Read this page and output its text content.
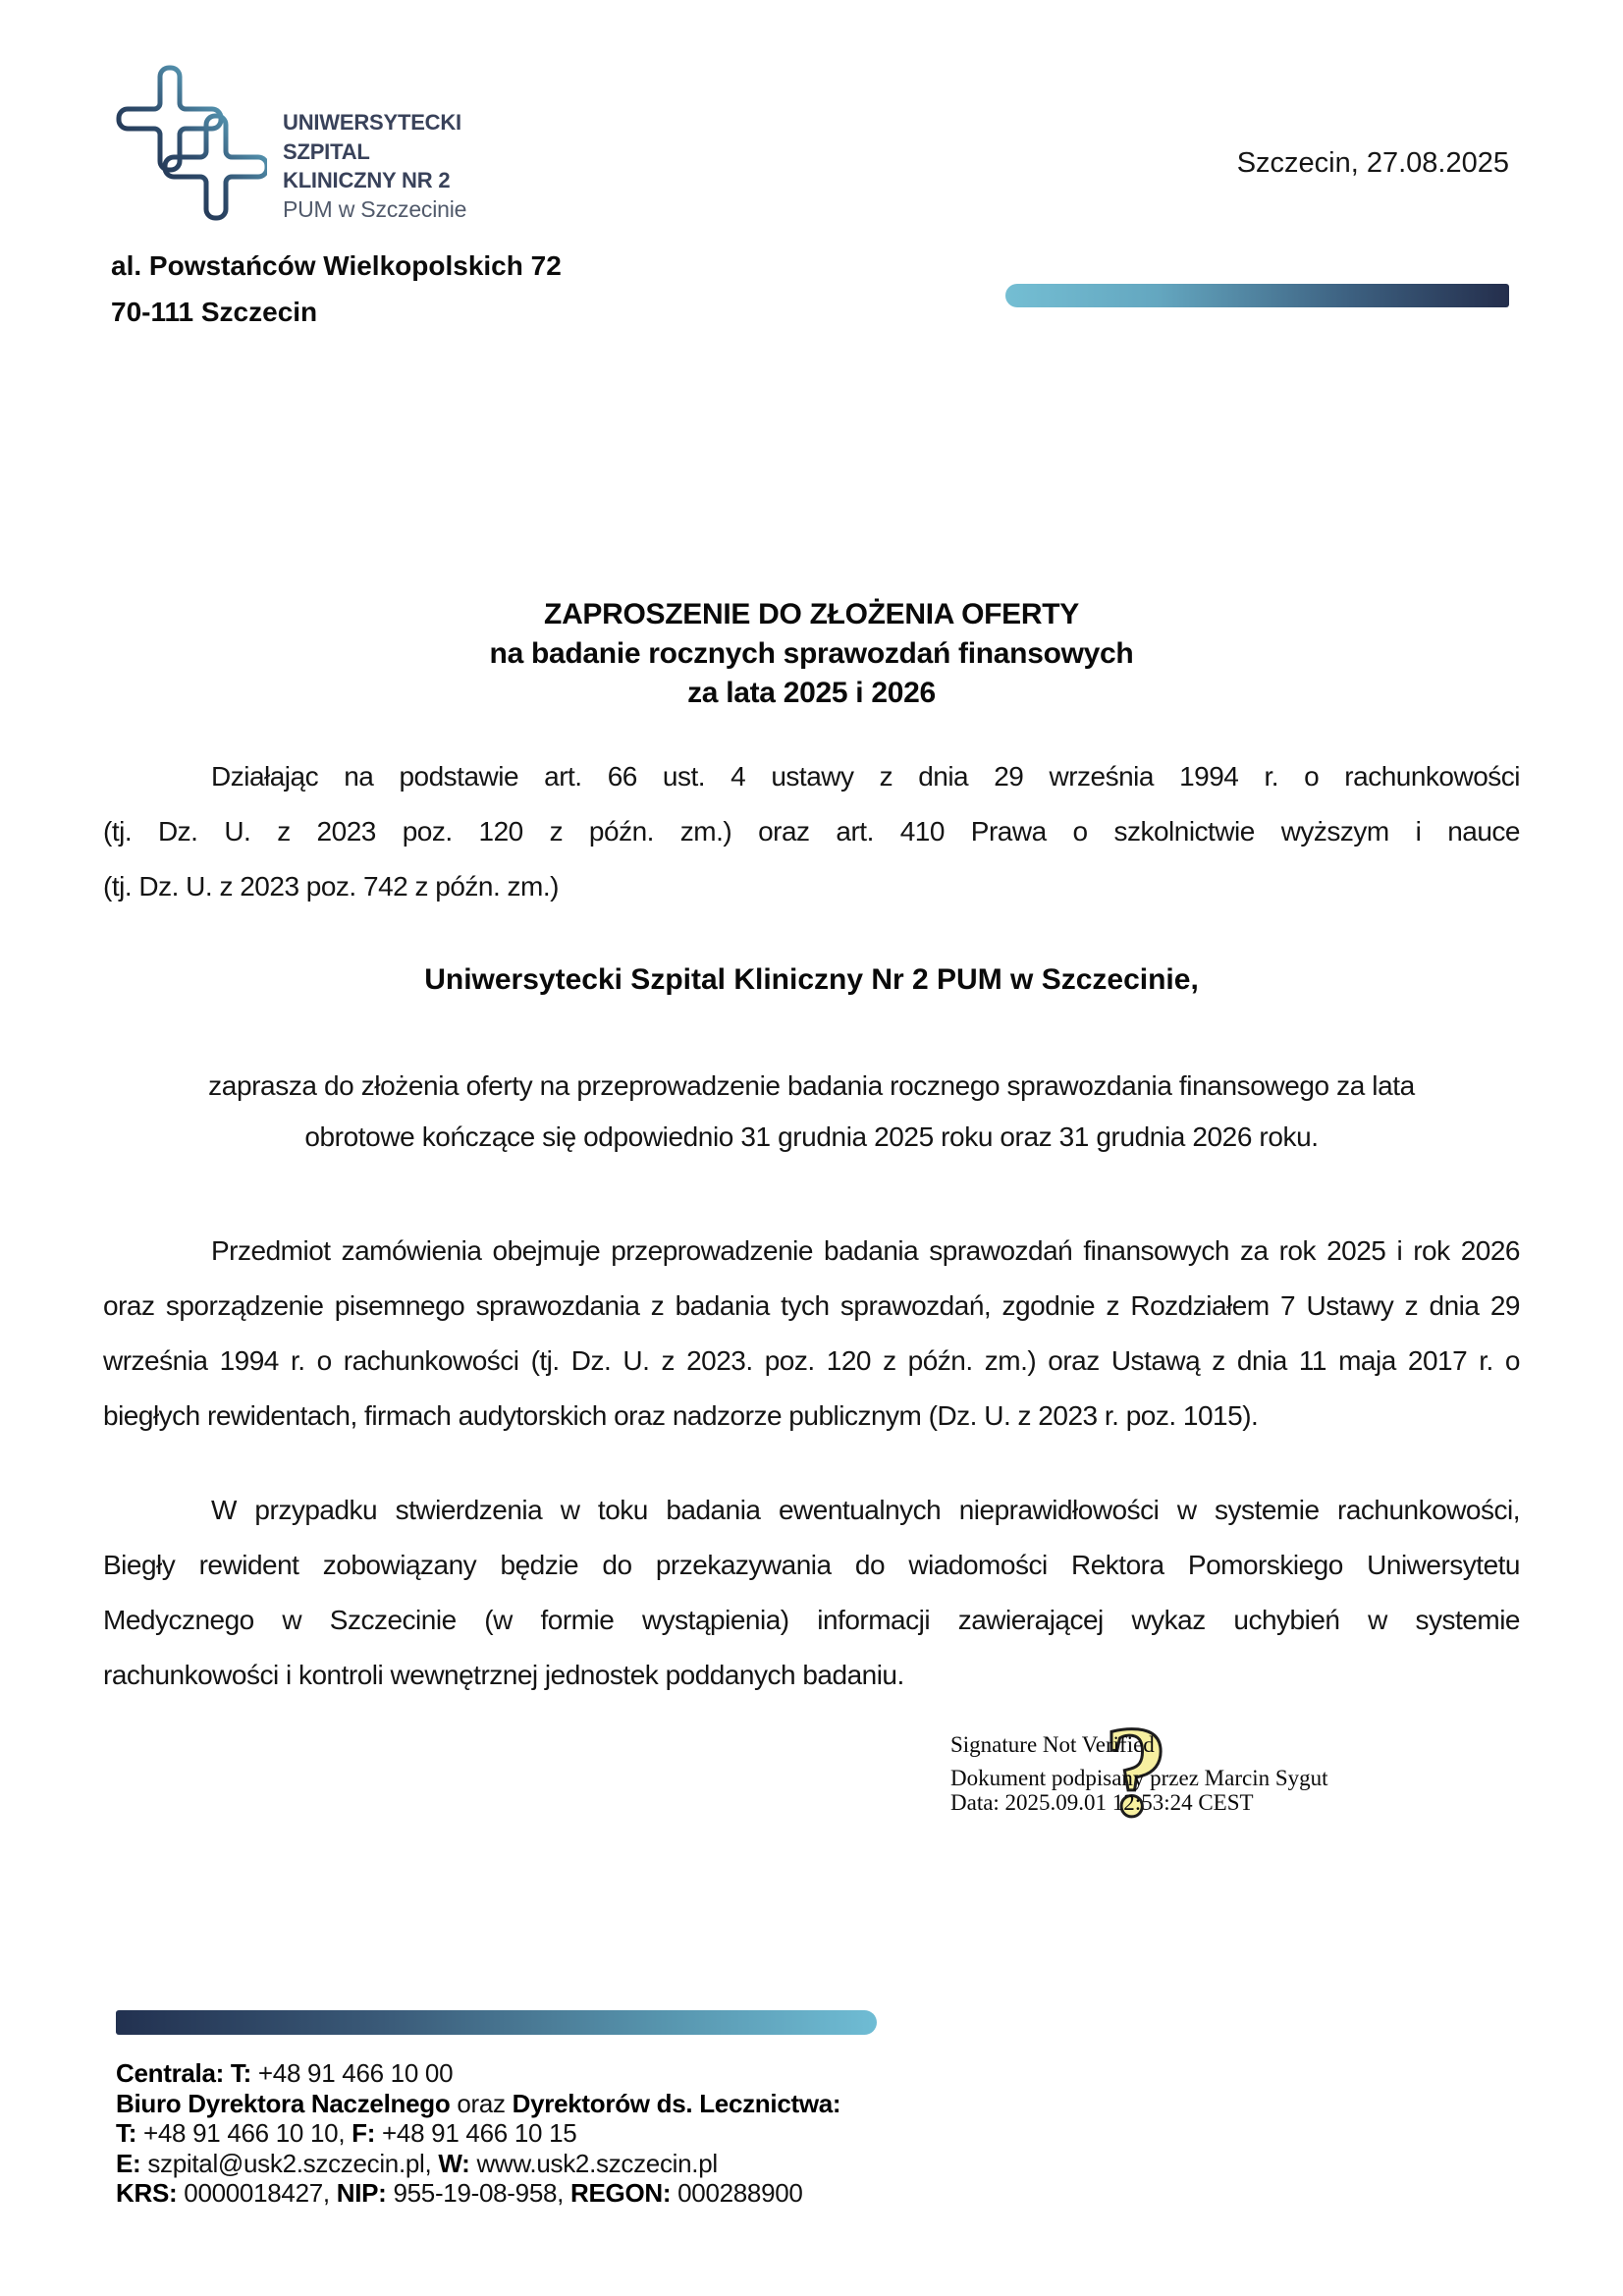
UNIWERSYTECKI
SZPITAL
KLINICZNY NR 2
PUM w Szczecinie
Szczecin, 27.08.2025
al. Powstańców Wielkopolskich 72
70-111 Szczecin
ZAPROSZENIE DO ZŁOŻENIA OFERTY
na badanie rocznych sprawozdań finansowych
za lata 2025 i 2026
Działając na podstawie art. 66 ust. 4 ustawy z dnia 29 września 1994 r. o rachunkowości
(tj. Dz. U. z 2023 poz. 120 z późn. zm.) oraz art. 410 Prawa o szkolnictwie wyższym i nauce
(tj. Dz. U. z 2023 poz. 742 z późn. zm.)
Uniwersytecki Szpital Kliniczny Nr 2 PUM w Szczecinie,
zaprasza do złożenia oferty na przeprowadzenie badania rocznego sprawozdania finansowego za lata
obrotowe kończące się odpowiednio 31 grudnia 2025 roku oraz 31 grudnia 2026 roku.
Przedmiot zamówienia obejmuje przeprowadzenie badania sprawozdań finansowych za rok 2025 i rok 2026
oraz sporządzenie pisemnego sprawozdania z badania tych sprawozdań, zgodnie z Rozdziałem 7 Ustawy z dnia 29
września 1994 r. o rachunkowości (tj. Dz. U. z 2023. poz. 120 z późn. zm.) oraz Ustawą z dnia 11 maja 2017 r. o
biegłych rewidentach, firmach audytorskich oraz nadzorze publicznym (Dz. U. z 2023 r. poz. 1015).
W przypadku stwierdzenia w toku badania ewentualnych nieprawidłowości w systemie rachunkowości,
Biegły rewident zobowiązany będzie do przekazywania do wiadomości Rektora Pomorskiego Uniwersytetu
Medycznego w Szczecinie (w formie wystąpienia) informacji zawierającej wykaz uchybień w systemie
rachunkowości i kontroli wewnętrznej jednostek poddanych badaniu.
?
Signature Not Verified
Dokument podpisany przez Marcin Sygut
Data: 2025.09.01 12:53:24 CEST
Centrala: T: +48 91 466 10 00
Biuro Dyrektora Naczelnego oraz Dyrektorów ds. Lecznictwa:
T: +48 91 466 10 10, F: +48 91 466 10 15
E: szpital@usk2.szczecin.pl, W: www.usk2.szczecin.pl
KRS: 0000018427, NIP: 955-19-08-958, REGON: 000288900
